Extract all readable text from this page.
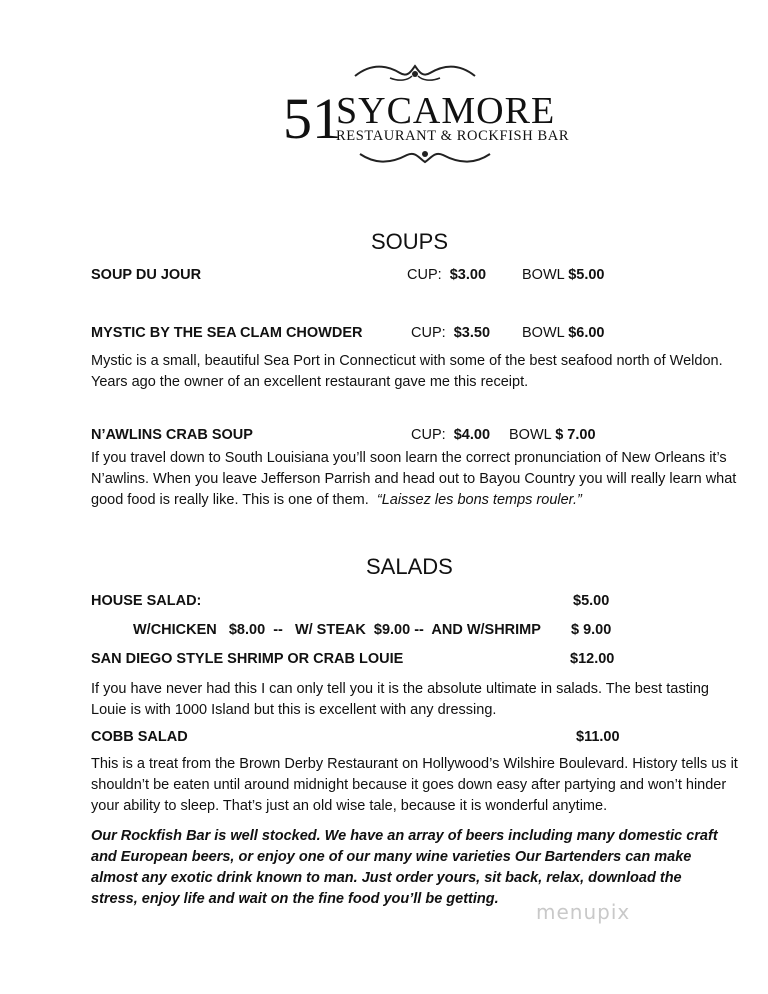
51
SYCAMORE
RESTAURANT & ROCKFISH BAR
SOUPS
SOUP DU JOUR	CUP: $3.00 BOWL $5.00
MYSTIC BY THE SEA CLAM CHOWDER	CUP: $3.50 BOWL $6.00
Mystic is a small, beautiful Sea Port in Connecticut with some of the best seafood north of Weldon. Years ago the owner of an excellent restaurant gave me this receipt.
N’AWLINS CRAB SOUP	CUP: $4.00 BOWL $ 7.00
If you travel down to South Louisiana you’ll soon learn the correct pronunciation of New Orleans it’s N’awlins. When you leave Jefferson Parrish and head out to Bayou Country you will really learn what good food is really like. This is one of them. “Laissez les bons temps rouler.”
SALADS
HOUSE SALAD:	$5.00
W/CHICKEN   $8.00  --   W/ STEAK  $9.00 --  AND W/SHRIMP $ 9.00
SAN DIEGO STYLE SHRIMP OR CRAB LOUIE	$12.00
If you have never had this I can only tell you it is the absolute ultimate in salads. The best tasting Louie is with 1000 Island but this is excellent with any dressing.
COBB SALAD	$11.00
This is a treat from the Brown Derby Restaurant on Hollywood’s Wilshire Boulevard. History tells us it shouldn’t be eaten until around midnight because it goes down easy after partying and won’t hinder your ability to sleep. That’s just an old wise tale, because it is wonderful anytime.
Our Rockfish Bar is well stocked. We have an array of beers including many domestic craft and European beers, or enjoy one of our many wine varieties Our Bartenders can make almost any exotic drink known to man. Just order yours, sit back, relax, download the stress, enjoy life and wait on the fine food you’ll be getting.
menupix
